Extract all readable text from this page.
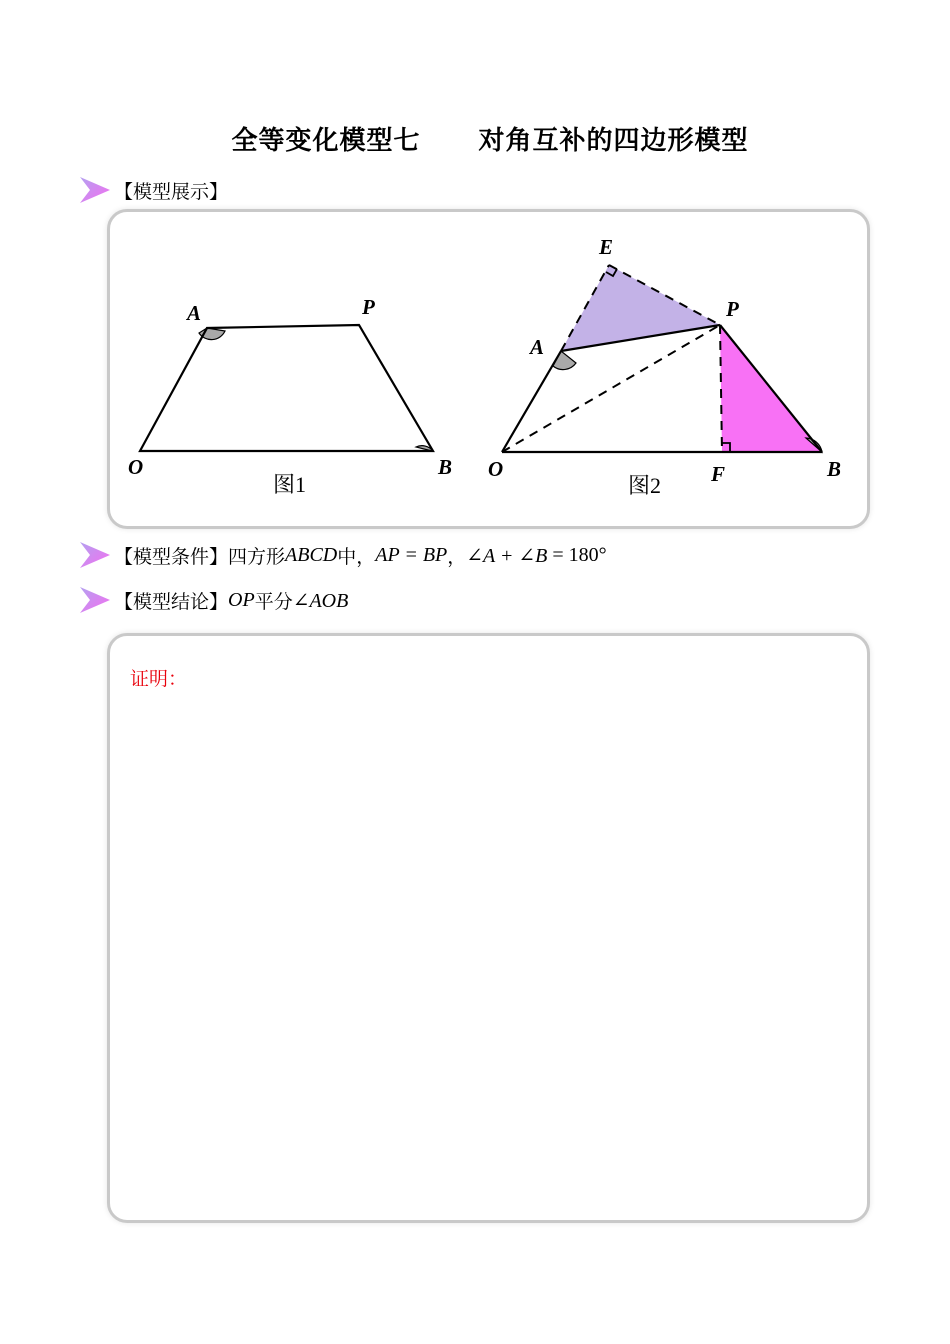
全等变化模型七 对角互补的四边形模型
【模型展示】
O
A	P
B
图1
E
P
A
O	F	B
图2
【模型条件】 四方形 ABCD 中， AP = BP ， ∠A + ∠B = 180°
【模型结论】 OP 平分 ∠AOB
证明：
